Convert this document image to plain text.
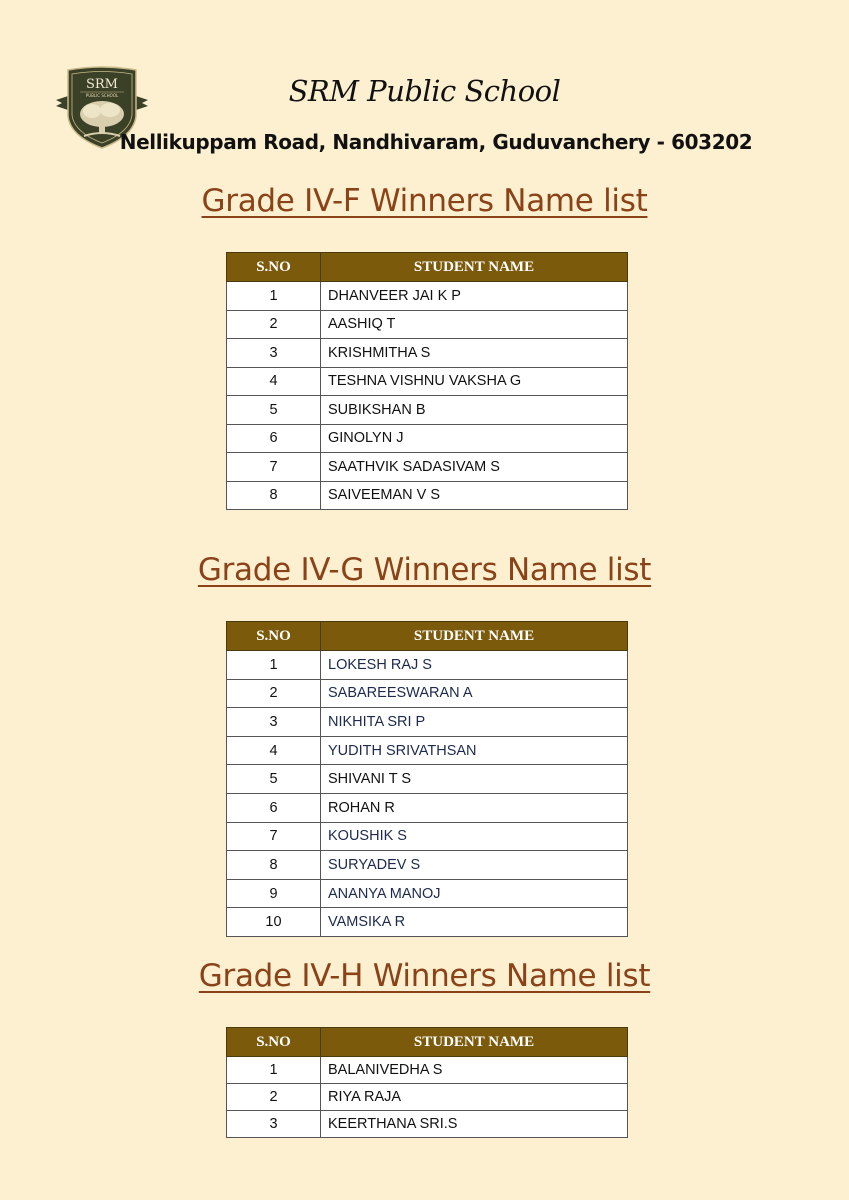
SRM
PUBLIC SCHOOL	SRM Public School
Nellikuppam Road, Nandhivaram, Guduvanchery - 603202
Grade IV-F Winners Name list
S.NO	STUDENT NAME
1	DHANVEER JAI K P
2	AASHIQ T
3	KRISHMITHA S
4	TESHNA VISHNU VAKSHA G
5	SUBIKSHAN B
6	GINOLYN J
7	SAATHVIK SADASIVAM S
8	SAIVEEMAN V S
Grade IV-G Winners Name list
S.NO	STUDENT NAME
1	LOKESH RAJ S
2	SABAREESWARAN A
3	NIKHITA SRI P
4	YUDITH SRIVATHSAN
5	SHIVANI T S
6	ROHAN R
7	KOUSHIK S
8	SURYADEV S
9	ANANYA MANOJ
10	VAMSIKA R
Grade IV-H Winners Name list
S.NO	STUDENT NAME
1	BALANIVEDHA S
2	RIYA RAJA
3	KEERTHANA SRI.S
